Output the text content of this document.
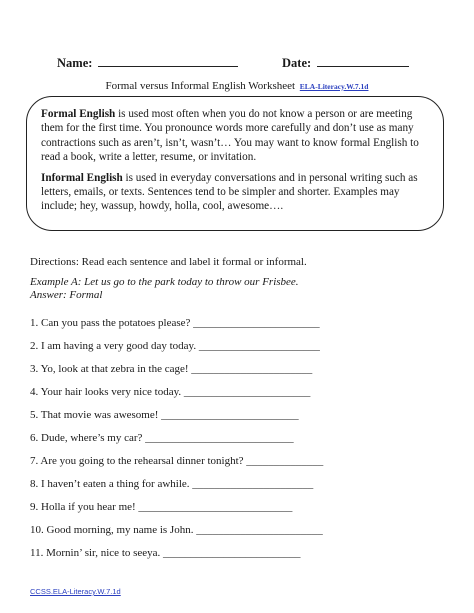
Name:	Date:
Formal versus Informal English Worksheet ELA-Literacy.W.7.1d

Formal English is used most often when you do not know a person or are meeting them for the first time. You pronounce words more carefully and don’t use as many contractions such as aren’t, isn’t, wasn’t… You may want to know formal English to read a book, write a letter, resume, or invitation.

Informal English is used in everyday conversations and in personal writing such as letters, emails, or texts. Sentences tend to be simpler and shorter. Examples may include; hey, wassup, howdy, holla, cool, awesome….

Directions: Read each sentence and label it formal or informal.
Example A: Let us go to the park today to throw our Frisbee.
Answer: Formal
1. Can you pass the potatoes please? _______________________
2. I am having a very good day today. ______________________
3. Yo, look at that zebra in the cage! ______________________
4. Your hair looks very nice today. _______________________
5. That movie was awesome! _________________________
6. Dude, where’s my car? ___________________________
7. Are you going to the rehearsal dinner tonight? ______________
8. I haven’t eaten a thing for awhile. ______________________
9. Holla if you hear me! ____________________________
10. Good morning, my name is John. _______________________
11. Mornin’ sir, nice to seeya. _________________________
CCSS.ELA-Literacy.W.7.1d
